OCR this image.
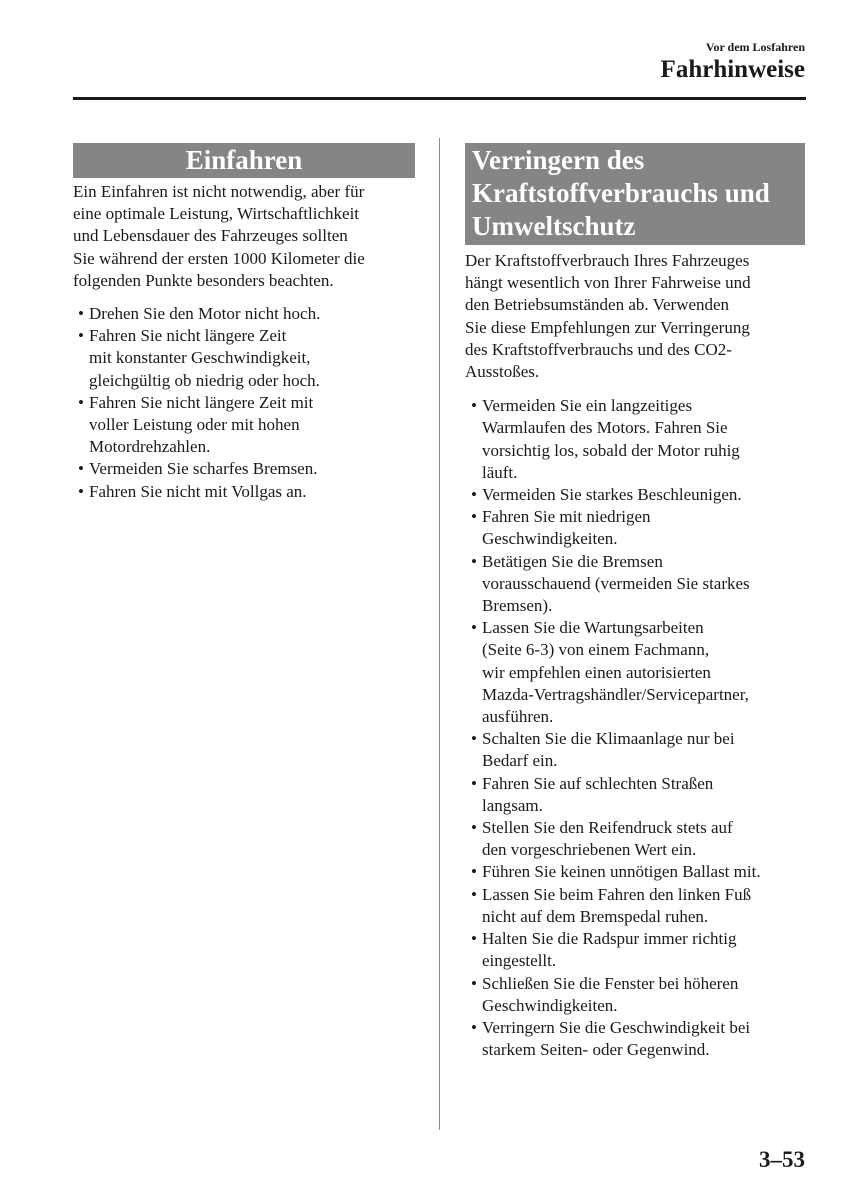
Vor dem Losfahren
Fahrhinweise
Einfahren

Ein Einfahren ist nicht notwendig, aber für
eine optimale Leistung, Wirtschaftlichkeit
und Lebensdauer des Fahrzeuges sollten
Sie während der ersten 1000 Kilometer die
folgenden Punkte besonders beachten.

• Drehen Sie den Motor nicht hoch.
• Fahren Sie nicht längere Zeit
mit konstanter Geschwindigkeit,
gleichgültig ob niedrig oder hoch.
• Fahren Sie nicht längere Zeit mit
voller Leistung oder mit hohen
Motordrehzahlen.
• Vermeiden Sie scharfes Bremsen.
• Fahren Sie nicht mit Vollgas an.
Verringern des
Kraftstoffverbrauchs und
Umweltschutz

Der Kraftstoffverbrauch Ihres Fahrzeuges
hängt wesentlich von Ihrer Fahrweise und
den Betriebsumständen ab. Verwenden
Sie diese Empfehlungen zur Verringerung
des Kraftstoffverbrauchs und des CO2-
Ausstoßes.

• Vermeiden Sie ein langzeitiges
Warmlaufen des Motors. Fahren Sie
vorsichtig los, sobald der Motor ruhig
läuft.
• Vermeiden Sie starkes Beschleunigen.
• Fahren Sie mit niedrigen
Geschwindigkeiten.
• Betätigen Sie die Bremsen
vorausschauend (vermeiden Sie starkes
Bremsen).
• Lassen Sie die Wartungsarbeiten
(Seite 6-3) von einem Fachmann,
wir empfehlen einen autorisierten
Mazda-Vertragshändler/Servicepartner,
ausführen.
• Schalten Sie die Klimaanlage nur bei
Bedarf ein.
• Fahren Sie auf schlechten Straßen
langsam.
• Stellen Sie den Reifendruck stets auf
den vorgeschriebenen Wert ein.
• Führen Sie keinen unnötigen Ballast mit.
• Lassen Sie beim Fahren den linken Fuß
nicht auf dem Bremspedal ruhen.
• Halten Sie die Radspur immer richtig
eingestellt.
• Schließen Sie die Fenster bei höheren
Geschwindigkeiten.
• Verringern Sie die Geschwindigkeit bei
starkem Seiten- oder Gegenwind.
3–53
